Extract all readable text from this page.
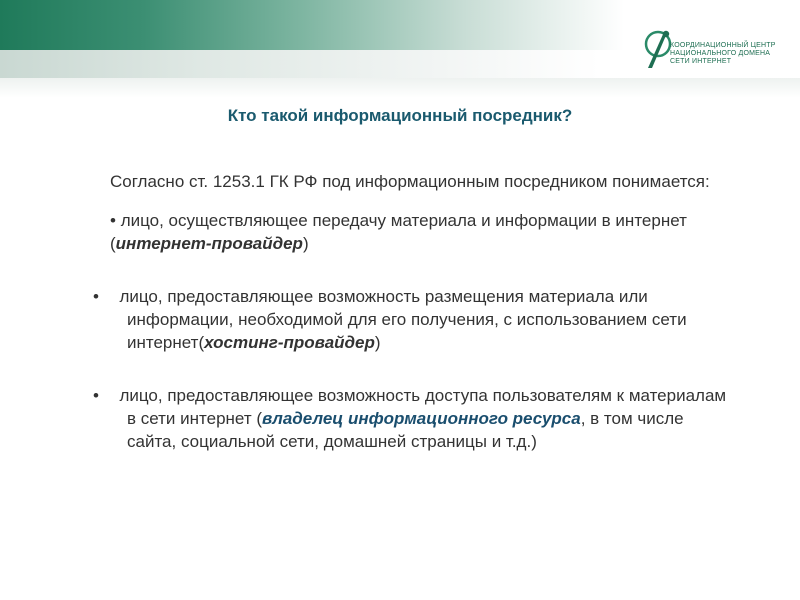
КООРДИНАЦИОННЫЙ ЦЕНТР
НАЦИОНАЛЬНОГО ДОМЕНА
СЕТИ ИНТЕРНЕТ
Кто такой информационный посредник?

Согласно ст. 1253.1 ГК РФ под информационным посредником понимается:

• лицо, осуществляющее передачу материала и информации в интернет (интернет-провайдер)

• лицо, предоставляющее возможность размещения материала или информации, необходимой для его получения, с использованием сети интернет(хостинг-провайдер)

• лицо, предоставляющее возможность доступа пользователям к материалам в сети интернет (владелец информационного ресурса, в том числе сайта, социальной сети, домашней страницы и т.д.)
